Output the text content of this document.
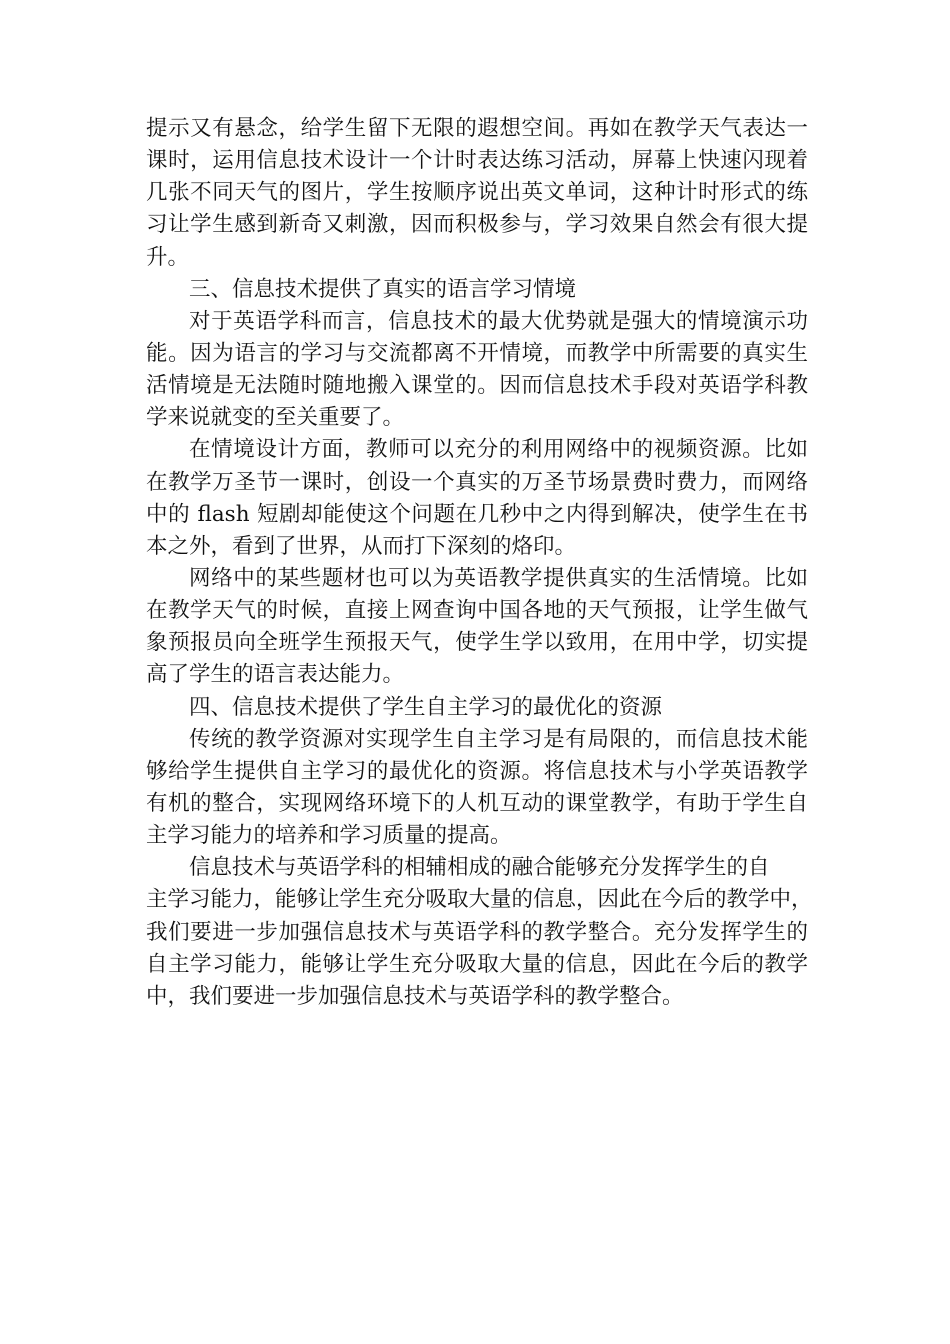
提示又有悬念，给学生留下无限的遐想空间。再如在教学天气表达一
课时，运用信息技术设计一个计时表达练习活动，屏幕上快速闪现着
几张不同天气的图片，学生按顺序说出英文单词，这种计时形式的练
习让学生感到新奇又刺激，因而积极参与，学习效果自然会有很大提
升。
三、信息技术提供了真实的语言学习情境
对于英语学科而言，信息技术的最大优势就是强大的情境演示功
能。因为语言的学习与交流都离不开情境，而教学中所需要的真实生
活情境是无法随时随地搬入课堂的。因而信息技术手段对英语学科教
学来说就变的至关重要了。
在情境设计方面，教师可以充分的利用网络中的视频资源。比如
在教学万圣节一课时，创设一个真实的万圣节场景费时费力，而网络
中的 flash 短剧却能使这个问题在几秒中之内得到解决，使学生在书
本之外，看到了世界，从而打下深刻的烙印。
网络中的某些题材也可以为英语教学提供真实的生活情境。比如
在教学天气的时候，直接上网查询中国各地的天气预报，让学生做气
象预报员向全班学生预报天气，使学生学以致用，在用中学，切实提
高了学生的语言表达能力。
四、信息技术提供了学生自主学习的最优化的资源
传统的教学资源对实现学生自主学习是有局限的，而信息技术能
够给学生提供自主学习的最优化的资源。将信息技术与小学英语教学
有机的整合，实现网络环境下的人机互动的课堂教学，有助于学生自
主学习能力的培养和学习质量的提高。
信息技术与英语学科的相辅相成的融合能够充分发挥学生的自
主学习能力，能够让学生充分吸取大量的信息，因此在今后的教学中，
我们要进一步加强信息技术与英语学科的教学整合。充分发挥学生的
自主学习能力，能够让学生充分吸取大量的信息，因此在今后的教学
中，我们要进一步加强信息技术与英语学科的教学整合。
